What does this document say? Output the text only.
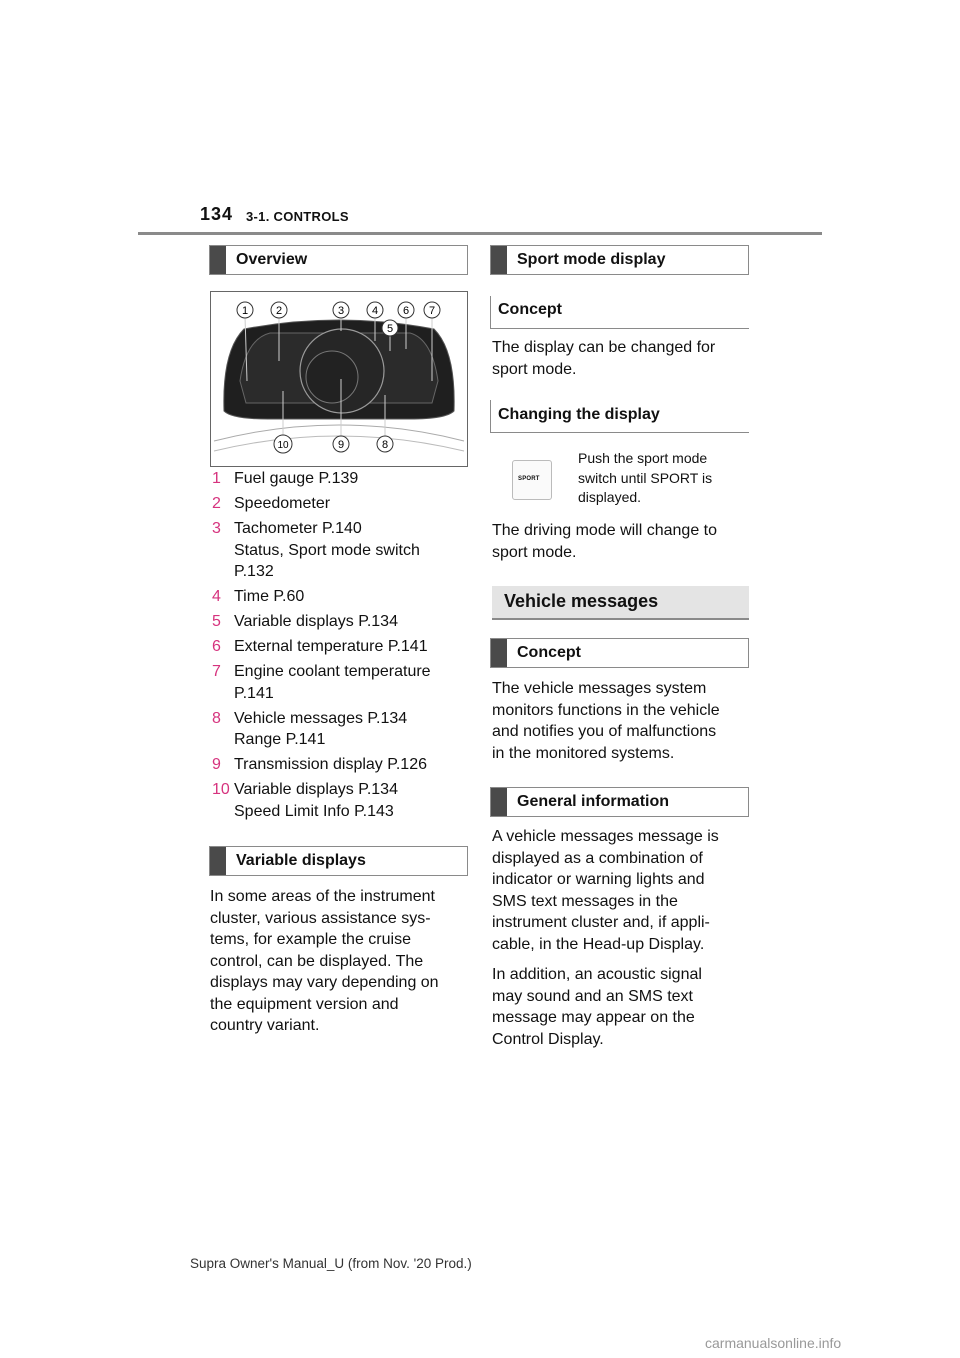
134 3-1. CONTROLS
Overview
1	2	3	4
5
6 7
8
9
10
1 Fuel gauge P.139
2 Speedometer
3 Tachometer P.140
Status, Sport mode switch
P.132
4 Time P.60
5 Variable displays P.134
6 External temperature P.141
7 Engine coolant temperature
P.141
8 Vehicle messages P.134
Range P.141
9 Transmission display P.126
10 Variable displays P.134
Speed Limit Info P.143
Variable displays

In some areas of the instrument

cluster, various assistance sys-

tems, for example the cruise

control, can be displayed. The

displays may vary depending on

the equipment version and

country variant.

Sport mode display
Concept

The display can be changed for

sport mode.

Changing the display
SPORT
Push the sport mode
switch until SPORT is
displayed.

The driving mode will change to

sport mode.

Vehicle messages
Concept

The vehicle messages system

monitors functions in the vehicle

and notifies you of malfunctions

in the monitored systems.

General information

A vehicle messages message is

displayed as a combination of

indicator or warning lights and

SMS text messages in the

instrument cluster and, if appli-

cable, in the Head-up Display.

In addition, an acoustic signal

may sound and an SMS text

message may appear on the

Control Display.

Supra Owner's Manual_U (from Nov. '20 Prod.)
carmanualsonline.info
